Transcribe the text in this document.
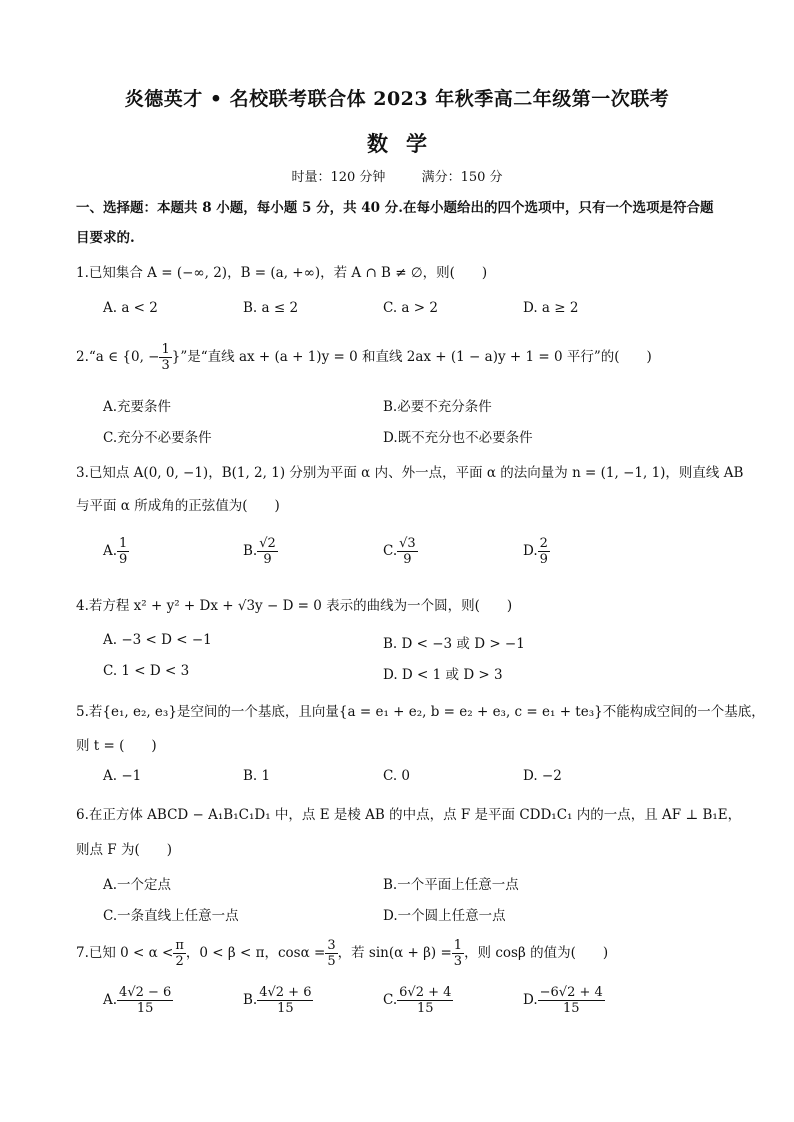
炎德英才 • 名校联考联合体 2023 年秋季高二年级第一次联考
数学
时量：120 分钟	满分：150 分
一、选择题：本题共 8 小题，每小题 5 分，共 40 分.在每小题给出的四个选项中，只有一个选项是符合题
目要求的.
1.已知集合 A = (−∞, 2)，B = (a, +∞)，若 A ∩ B ≠ ∅，则(　　)
A. a < 2	B. a ≤ 2	C. a > 2	D. a ≥ 2
2.“a ∈ {0, − $\frac{1}{3}$ }”是“直线 ax + (a + 1)y = 0 和直线 2ax + (1 − a)y + 1 = 0 平行”的(　　)
A.充要条件	B.必要不充分条件
C.充分不必要条件	D.既不充分也不必要条件
3.已知点 A(0, 0, −1)，B(1, 2, 1) 分别为平面 α 内、外一点，平面 α 的法向量为 n = (1, −1, 1)，则直线 AB
与平面 α 所成角的正弦值为(　　)
A. $\frac{1}{9}$	B. $\frac{√2}{9}$	C. $\frac{√3}{9}$	D. $\frac{2}{9}$
4.若方程 x² + y² + Dx + √3y − D = 0 表示的曲线为一个圆，则(　　)
A. −3 < D < −1	B. D < −3 或 D > −1
C. 1 < D < 3	D. D < 1 或 D > 3
5.若{e₁, e₂, e₃}是空间的一个基底，且向量{a = e₁ + e₂, b = e₂ + e₃, c = e₁ + te₃}不能构成空间的一个基底，
则 t = (　　)
A. −1	B. 1	C. 0	D. −2
6.在正方体 ABCD − A₁B₁C₁D₁ 中，点 E 是棱 AB 的中点，点 F 是平面 CDD₁C₁ 内的一点，且 AF ⊥ B₁E，
则点 F 为(　　)
A.一个定点	B.一个平面上任意一点
C.一条直线上任意一点	D.一个圆上任意一点
7.已知 $0 < \alpha < \frac{\pi}{2}$ ，0 < β < π，$\cos\alpha = \frac{3}{5}$ ，若 $\sin(\alpha + \beta) = \frac{1}{3}$ ，则 cosβ 的值为(　　)
A. $\frac{4√2 - 6}{15}$	B. $\frac{4√2 + 6}{15}$	C. $\frac{6√2 + 4}{15}$	D. $\frac{-6√2 + 4}{15}$
